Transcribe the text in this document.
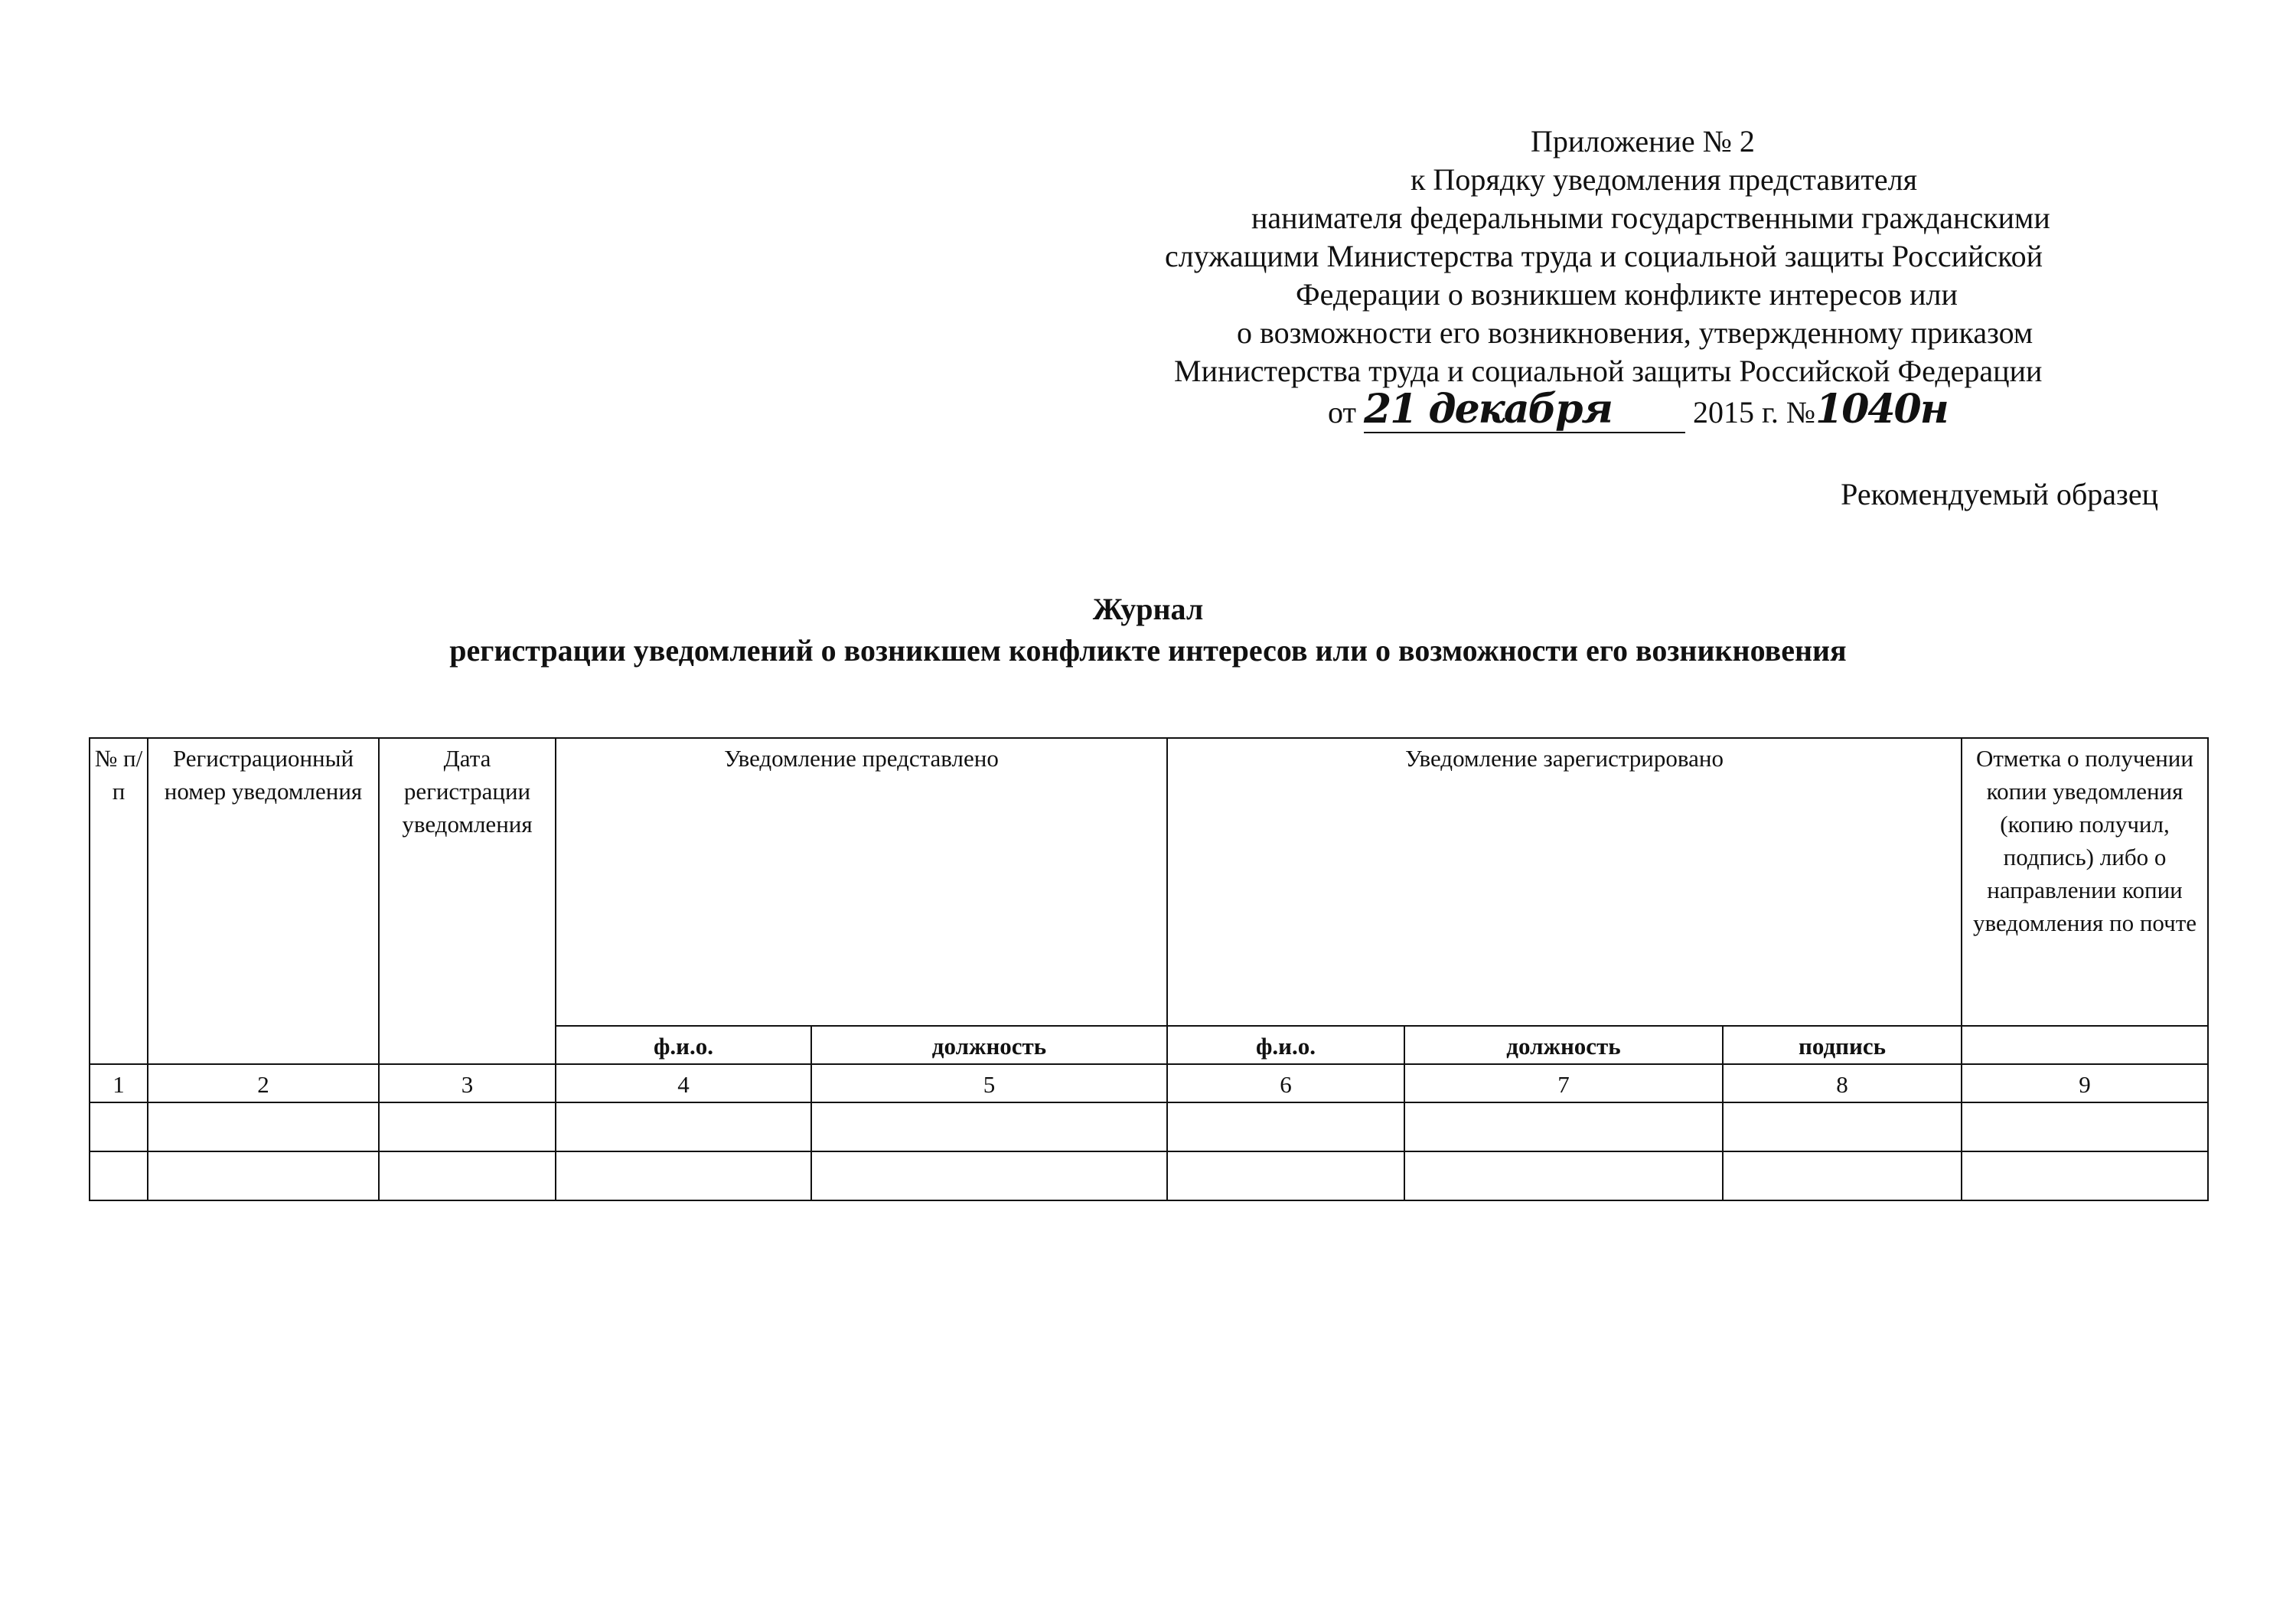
Приложение № 2
к Порядку уведомления представителя
нанимателя федеральными государственными гражданскими
служащими Министерства труда и социальной защиты Российской
Федерации о возникшем конфликте интересов или
о возможности его возникновения, утвержденному приказом
Министерства труда и социальной защиты Российской Федерации
от 21 декабря	2015 г. №1040н
Рекомендуемый образец
Журнал
регистрации уведомлений о возникшем конфликте интересов или о возможности его возникновения
№ п/п	Регистрационный номер уведомления	Дата регистрации уведомления	Уведомление представлено		Уведомление зарегистрировано			Отметка о получении копии уведомления (копию получил, подпись) либо о направлении копии уведомления по почте
			ф.и.о.	должность	ф.и.о.	должность	подпись	
1	2	3	4	5	6	7	8	9
